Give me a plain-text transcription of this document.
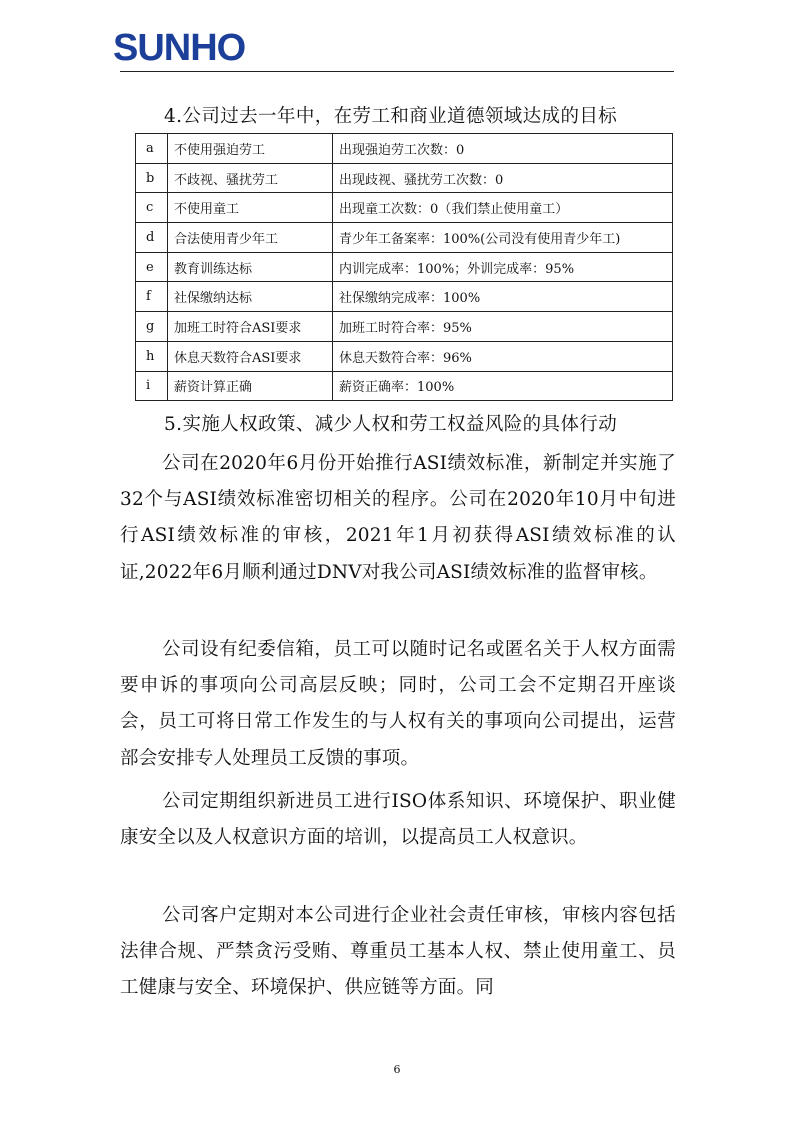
SUNHO
4.公司过去一年中，在劳工和商业道德领域达成的目标
a	不使用强迫劳工	出现强迫劳工次数：0
b	不歧视、骚扰劳工	出现歧视、骚扰劳工次数：0
c	不使用童工	出现童工次数：0（我们禁止使用童工）
d	合法使用青少年工	青少年工备案率：100%(公司没有使用青少年工)
e	教育训练达标	内训完成率：100%；外训完成率：95%
f	社保缴纳达标	社保缴纳完成率：100%
g	加班工时符合ASI要求	加班工时符合率：95%
h	休息天数符合ASI要求	休息天数符合率：96%
i	薪资计算正确	薪资正确率：100%
5.实施人权政策、减少人权和劳工权益风险的具体行动

公司在2020年6月份开始推行ASI绩效标准，新制定并实施了32个与ASI绩效标准密切相关的程序。公司在2020年10月中旬进行ASI绩效标准的审核，2021年1月初获得ASI绩效标准的认证,2022年6月顺利通过DNV对我公司ASI绩效标准的监督审核。

公司设有纪委信箱，员工可以随时记名或匿名关于人权方面需要申诉的事项向公司高层反映；同时，公司工会不定期召开座谈会，员工可将日常工作发生的与人权有关的事项向公司提出，运营部会安排专人处理员工反馈的事项。

公司定期组织新进员工进行ISO体系知识、环境保护、职业健康安全以及人权意识方面的培训，以提高员工人权意识。

公司客户定期对本公司进行企业社会责任审核，审核内容包括法律合规、严禁贪污受贿、尊重员工基本人权、禁止使用童工、员工健康与安全、环境保护、供应链等方面。同

6
